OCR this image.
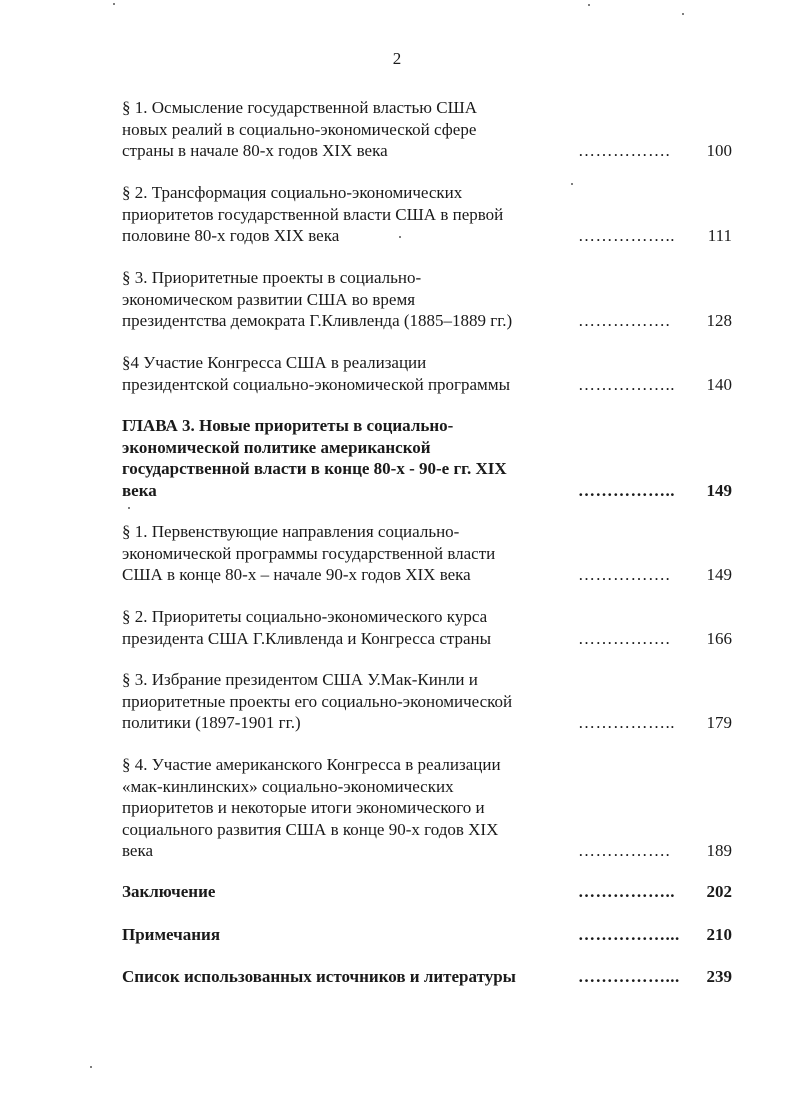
2
§ 1. Осмысление государственной властью США
новых реалий в социально-экономической сфере
страны в начале 80-х годов XIX века	…………….	100
§ 2. Трансформация социально-экономических
приоритетов государственной власти США в первой
половине 80-х годов XIX века	……………..	111
§ 3. Приоритетные проекты в социально-
экономическом развитии США во время
президентства демократа Г.Кливленда (1885–1889 гг.)	…………….	128
§4 Участие Конгресса США в реализации
президентской социально-экономической программы	……………..	140
ГЛАВА 3. Новые приоритеты в социально-
экономической политике американской
государственной власти в конце 80-х - 90-е гг. XIX
века	……………..	149
§ 1. Первенствующие направления социально-
экономической программы государственной власти
США в конце 80-х – начале 90-х годов XIX века	…………….	149
§ 2. Приоритеты социально-экономического курса
президента США Г.Кливленда и Конгресса страны	…………….	166
§ 3. Избрание президентом США У.Мак-Кинли и
приоритетные проекты его социально-экономической
политики (1897-1901 гг.)	……………..	179
§ 4. Участие американского Конгресса в реализации
«мак-кинлинских» социально-экономических
приоритетов и некоторые итоги экономического и
социального развития США в конце 90-х годов XIX
века	…………….	189
Заключение	……………..	202
Примечания	……………...	210
Список использованных источников и литературы	……………...	239
